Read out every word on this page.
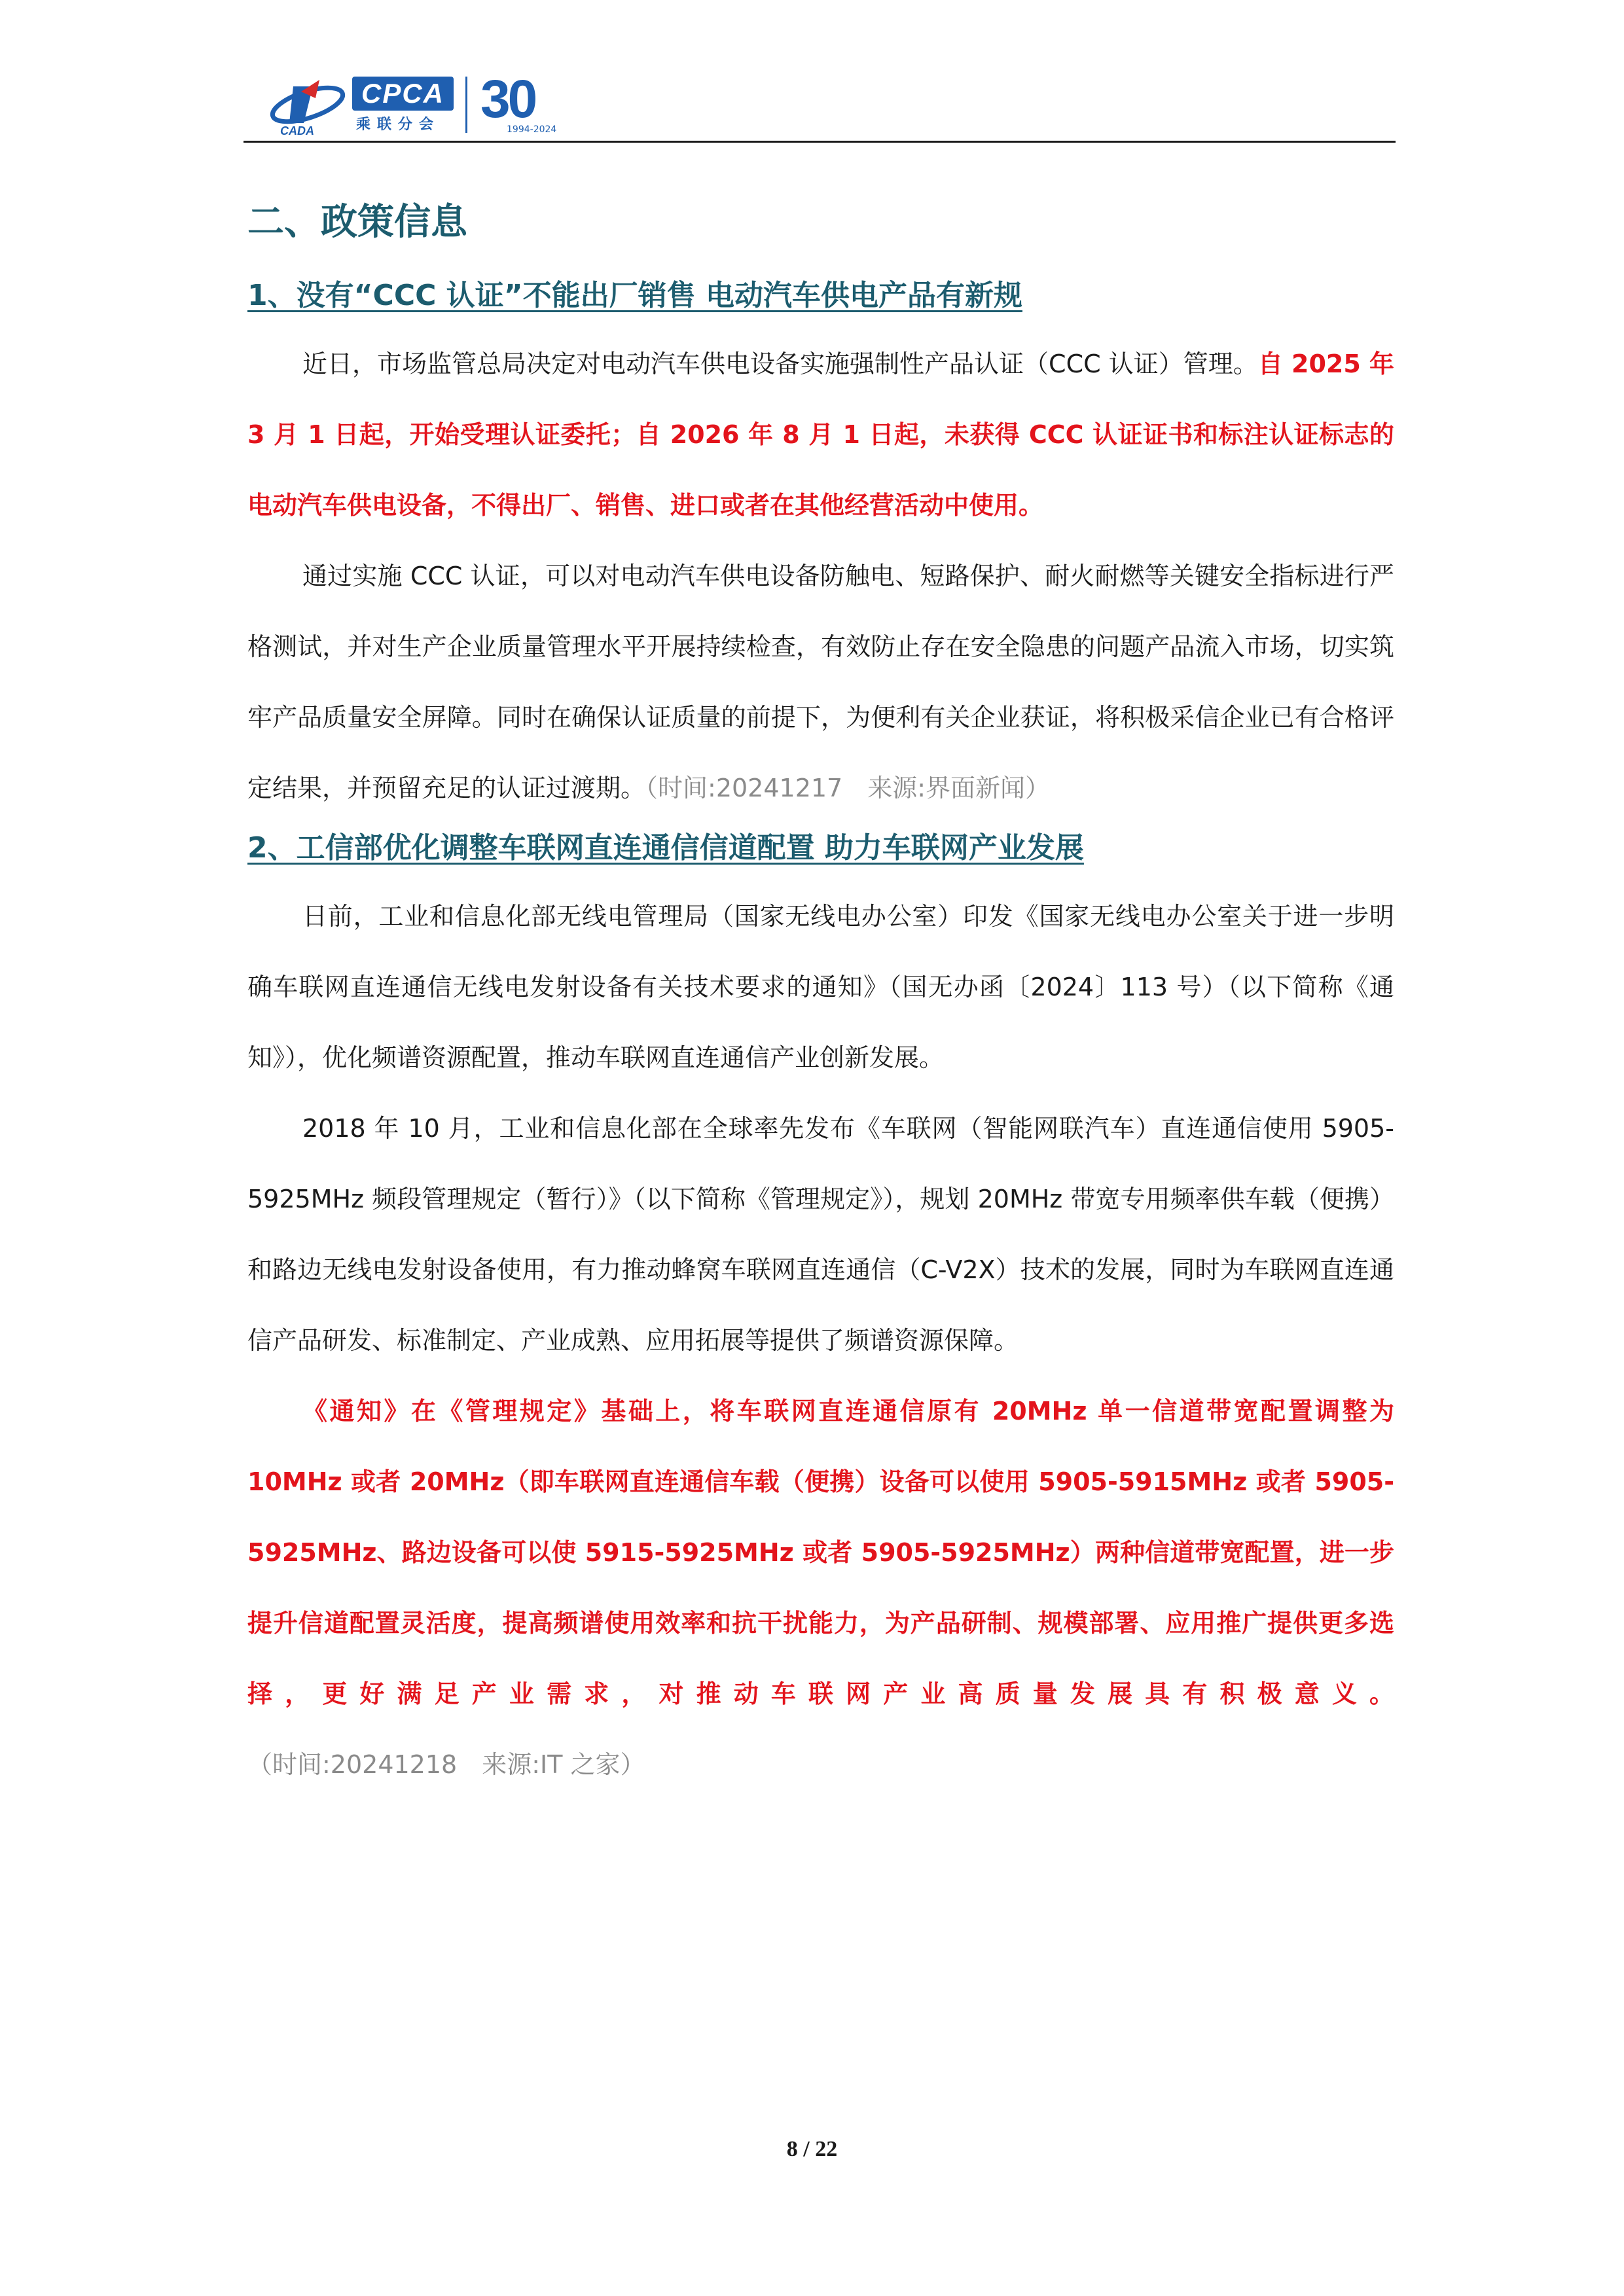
CADA
CPCA
乘联分会 30
1994-2024
二、政策信息
1、没有“CCC 认证”不能出厂销售 电动汽车供电产品有新规

近日，市场监管总局决定对电动汽车供电设备实施强制性产品认证（CCC 认证）管理。自 2025 年 3 月 1 日起，开始受理认证委托；自 2026 年 8 月 1 日起，未获得 CCC 认证证书和标注认证标志的电动汽车供电设备，不得出厂、销售、进口或者在其他经营活动中使用。

通过实施 CCC 认证，可以对电动汽车供电设备防触电、短路保护、耐火耐燃等关键安全指标进行严格测试，并对生产企业质量管理水平开展持续检查，有效防止存在安全隐患的问题产品流入市场，切实筑牢产品质量安全屏障。同时在确保认证质量的前提下，为便利有关企业获证，将积极采信企业已有合格评定结果，并预留充足的认证过渡期。（时间:20241217　来源:界面新闻）

2、工信部优化调整车联网直连通信信道配置 助力车联网产业发展

日前，工业和信息化部无线电管理局（国家无线电办公室）印发《国家无线电办公室关于进一步明确车联网直连通信无线电发射设备有关技术要求的通知》（国无办函〔2024〕113 号）（以下简称《通知》），优化频谱资源配置，推动车联网直连通信产业创新发展。

2018 年 10 月，工业和信息化部在全球率先发布《车联网（智能网联汽车）直连通信使用 5905-5925MHz 频段管理规定（暂行）》（以下简称《管理规定》），规划 20MHz 带宽专用频率供车载（便携）和路边无线电发射设备使用，有力推动蜂窝车联网直连通信（C-V2X）技术的发展，同时为车联网直连通信产品研发、标准制定、产业成熟、应用拓展等提供了频谱资源保障。

《通知》在《管理规定》基础上，将车联网直连通信原有 20MHz 单一信道带宽配置调整为 10MHz 或者 20MHz（即车联网直连通信车载（便携）设备可以使用 5905-5915MHz 或者 5905-5925MHz、路边设备可以使 5915-5925MHz 或者 5905-5925MHz）两种信道带宽配置，进一步提升信道配置灵活度，提高频谱使用效率和抗干扰能力，为产品研制、规模部署、应用推广提供更多选择，更好满足产业需求，对推动车联网产业高质量发展具有积极意义。（时间:20241218　来源:IT 之家）

8 / 22
